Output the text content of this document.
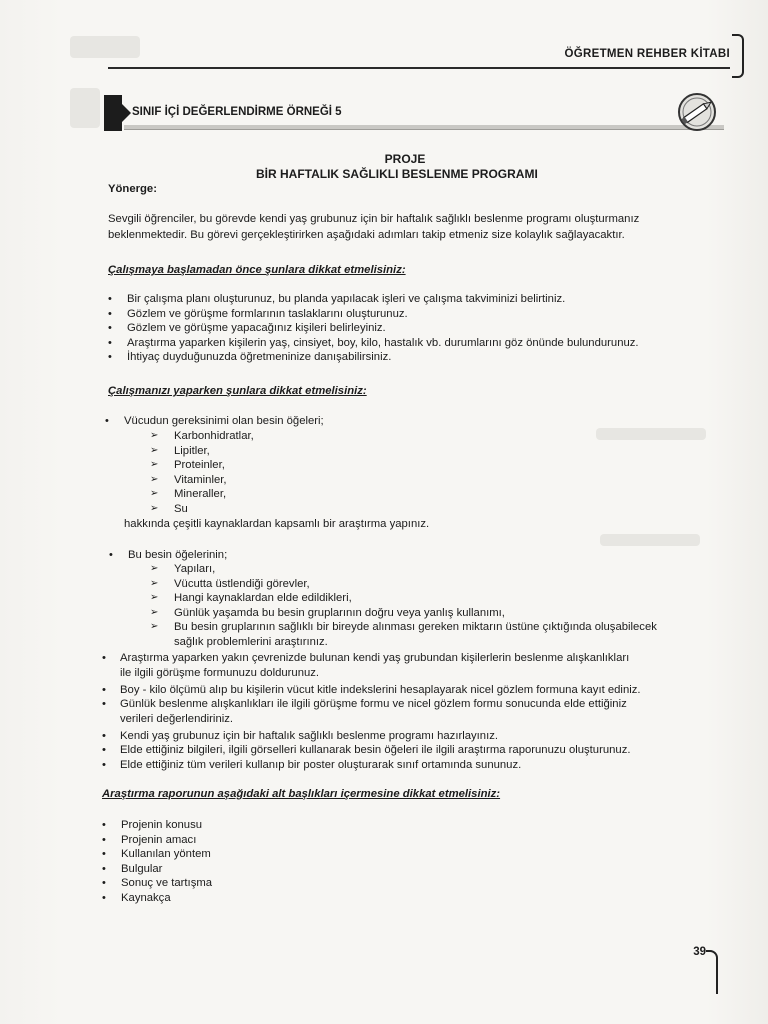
ÖĞRETMEN REHBER KİTABI
SINIF İÇİ DEĞERLENDİRME ÖRNEĞİ 5
PROJE
BİR HAFTALIK SAĞLIKLI BESLENME PROGRAMI
Yönerge:
Sevgili öğrenciler, bu görevde kendi yaş grubunuz için bir haftalık sağlıklı beslenme programı oluşturmanız
beklenmektedir. Bu görevi gerçekleştirirken aşağıdaki adımları takip etmeniz size kolaylık sağlayacaktır.
Çalışmaya başlamadan önce şunlara dikkat etmelisiniz:
• Bir çalışma planı oluşturunuz, bu planda yapılacak işleri ve çalışma takviminizi belirtiniz.
• Gözlem ve görüşme formlarının taslaklarını oluşturunuz.
• Gözlem ve görüşme yapacağınız kişileri belirleyiniz.
• Araştırma yaparken kişilerin yaş, cinsiyet, boy, kilo, hastalık vb. durumlarını göz önünde bulundurunuz.
• İhtiyaç duyduğunuzda öğretmeninize danışabilirsiniz.
Çalışmanızı yaparken şunlara dikkat etmelisiniz:
• Vücudun gereksinimi olan besin öğeleri;
➢ Karbonhidratlar,
➢ Lipitler,
➢ Proteinler,
➢ Vitaminler,
➢ Mineraller,
➢ Su
hakkında çeşitli kaynaklardan kapsamlı bir araştırma yapınız.
• Bu besin öğelerinin;
➢ Yapıları,
➢ Vücutta üstlendiği görevler,
➢ Hangi kaynaklardan elde edildikleri,
➢ Günlük yaşamda bu besin gruplarının doğru veya yanlış kullanımı,
➢ Bu besin gruplarının sağlıklı bir bireyde alınması gereken miktarın üstüne çıktığında oluşabilecek
sağlık problemlerini araştırınız.
• Araştırma yaparken yakın çevrenizde bulunan kendi yaş grubundan kişilerlerin beslenme alışkanlıkları
ile ilgili görüşme formunuzu doldurunuz.
• Boy - kilo ölçümü alıp bu kişilerin vücut kitle indekslerini hesaplayarak nicel gözlem formuna kayıt ediniz.
• Günlük beslenme alışkanlıkları ile ilgili görüşme formu ve nicel gözlem formu sonucunda elde ettiğiniz
verileri değerlendiriniz.
• Kendi yaş grubunuz için bir haftalık sağlıklı beslenme programı hazırlayınız.
• Elde ettiğiniz bilgileri, ilgili görselleri kullanarak besin öğeleri ile ilgili araştırma raporunuzu oluşturunuz.
• Elde ettiğiniz tüm verileri kullanıp bir poster oluşturarak sınıf ortamında sununuz.
Araştırma raporunun aşağıdaki alt başlıkları içermesine dikkat etmelisiniz:
• Projenin konusu
• Projenin amacı
• Kullanılan yöntem
• Bulgular
• Sonuç ve tartışma
• Kaynakça
39
